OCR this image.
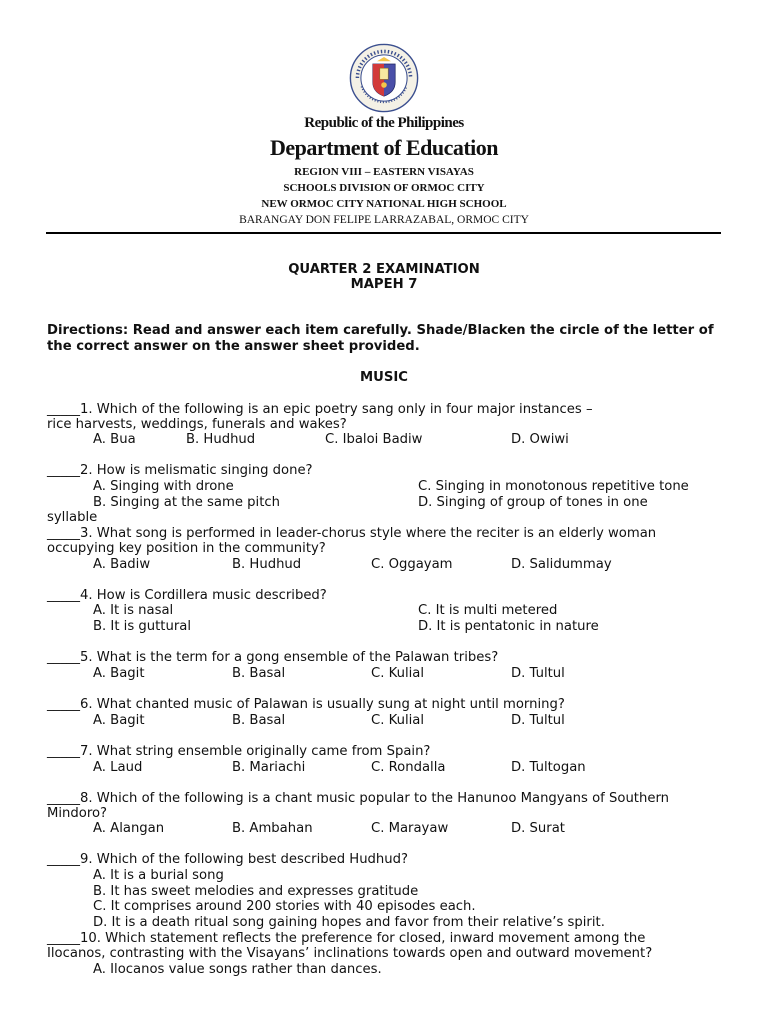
Republic of the Philippines
Department of Education
REGION VIII – EASTERN VISAYAS
SCHOOLS DIVISION OF ORMOC CITY
NEW ORMOC CITY NATIONAL HIGH SCHOOL
BARANGAY DON FELIPE LARRAZABAL, ORMOC CITY
QUARTER 2 EXAMINATION
MAPEH 7
Directions: Read and answer each item carefully. Shade/Blacken the circle of the letter of the correct answer on the answer sheet provided.
MUSIC
_____1. Which of the following is an epic poetry sang only in four major instances –
rice harvests, weddings, funerals and wakes?
A. Bua	B. Hudhud	C. Ibaloi Badiw	D. Owiwi
_____2. How is melismatic singing done?
A. Singing with drone	C. Singing in monotonous repetitive tone
B. Singing at the same pitch	D. Singing of group of tones in one
syllable
_____3. What song is performed in leader-chorus style where the reciter is an elderly woman
occupying key position in the community?
A. Badiw	B. Hudhud	C. Oggayam	D. Salidummay
_____4. How is Cordillera music described?
A. It is nasal	C. It is multi metered
B. It is guttural	D. It is pentatonic in nature
_____5. What is the term for a gong ensemble of the Palawan tribes?
A. Bagit	B. Basal	C. Kulial	D. Tultul
_____6. What chanted music of Palawan is usually sung at night until morning?
A. Bagit	B. Basal	C. Kulial	D. Tultul
_____7. What string ensemble originally came from Spain?
A. Laud	B. Mariachi	C. Rondalla	D. Tultogan
_____8. Which of the following is a chant music popular to the Hanunoo Mangyans of Southern
Mindoro?
A. Alangan	B. Ambahan	C. Marayaw	D. Surat
_____9. Which of the following best described Hudhud?
A. It is a burial song
B. It has sweet melodies and expresses gratitude
C. It comprises around 200 stories with 40 episodes each.
D. It is a death ritual song gaining hopes and favor from their relative’s spirit.
_____10. Which statement reflects the preference for closed, inward movement among the
Ilocanos, contrasting with the Visayans’ inclinations towards open and outward movement?
A. Ilocanos value songs rather than dances.
